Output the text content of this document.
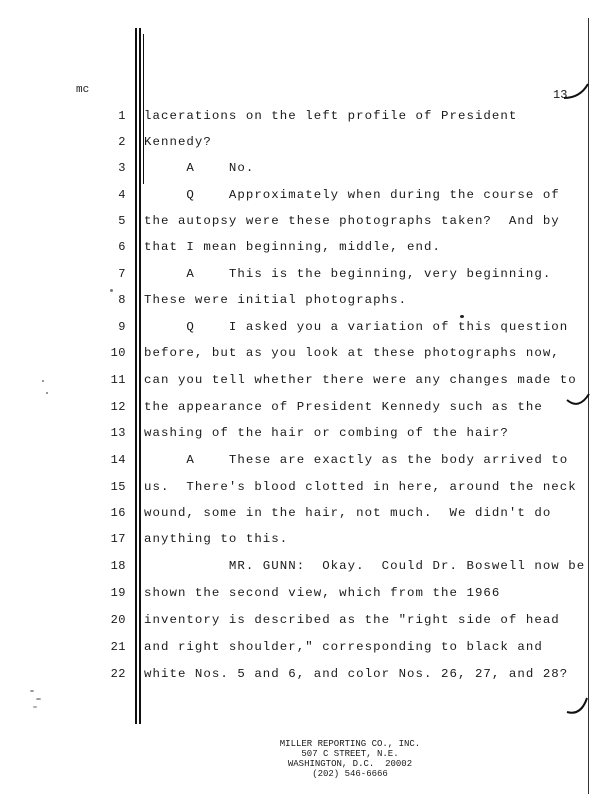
mc	13
1 lacerations on the left profile of President
2 Kennedy?
3 A    No.
4 Q    Approximately when during the course of
5 the autopsy were these photographs taken?  And by
6 that I mean beginning, middle, end.
7 A    This is the beginning, very beginning.
8 These were initial photographs.
9 Q    I asked you a variation of this question
10 before, but as you look at these photographs now,
11 can you tell whether there were any changes made to
12 the appearance of President Kennedy such as the
13 washing of the hair or combing of the hair?
14 A    These are exactly as the body arrived to
15 us.  There's blood clotted in here, around the neck
16 wound, some in the hair, not much.  We didn't do
17 anything to this.
18 MR. GUNN:  Okay.  Could Dr. Boswell now be
19 shown the second view, which from the 1966
20 inventory is described as the "right side of head
21 and right shoulder," corresponding to black and
22 white Nos. 5 and 6, and color Nos. 26, 27, and 28?
MILLER REPORTING CO., INC.
507 C STREET, N.E.
WASHINGTON, D.C.  20002
(202) 546-6666
